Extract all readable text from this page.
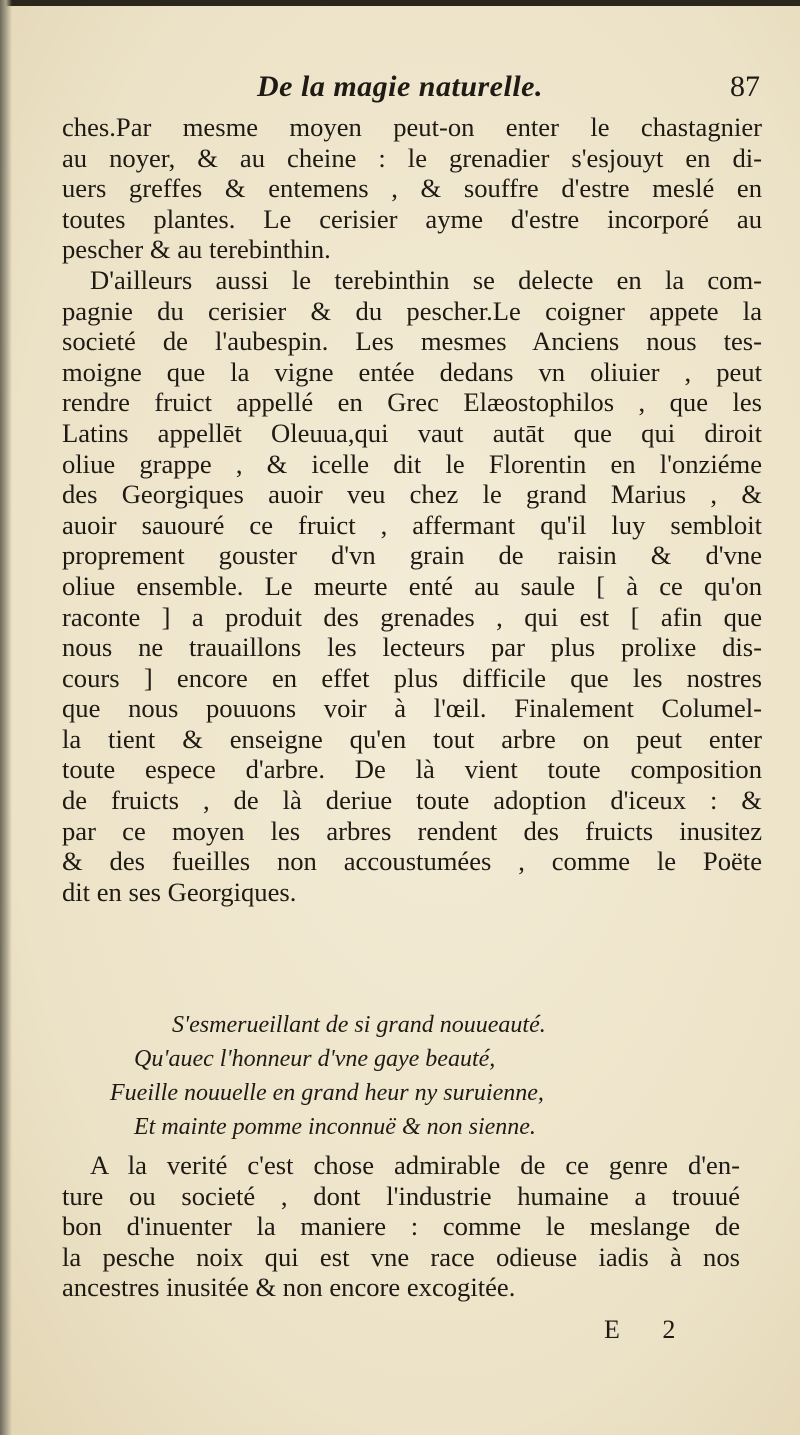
De la magie naturelle.	87
ches.Par mesme moyen peut-on enter le chastagnier
au noyer, & au cheine : le grenadier s'esjouyt en di-
uers greffes & entemens , & souffre d'estre meslé en
toutes plantes. Le cerisier ayme d'estre incorporé au
pescher & au terebinthin.
D'ailleurs aussi le terebinthin se delecte en la com-
pagnie du cerisier & du pescher.Le coigner appete la
societé de l'aubespin. Les mesmes Anciens nous tes-
moigne que la vigne entée dedans vn oliuier , peut
rendre fruict appellé en Grec Elæostophilos , que les
Latins appellēt Oleuua,qui vaut autāt que qui diroit
oliue grappe , & icelle dit le Florentin en l'onziéme
des Georgiques auoir veu chez le grand Marius , &
auoir sauouré ce fruict , affermant qu'il luy sembloit
proprement gouster d'vn grain de raisin & d'vne
oliue ensemble. Le meurte enté au saule [ à ce qu'on
raconte ] a produit des grenades , qui est [ afin que
nous ne trauaillons les lecteurs par plus prolixe dis-
cours ] encore en effet plus difficile que les nostres
que nous pouuons voir à l'œil. Finalement Columel-
la tient & enseigne qu'en tout arbre on peut enter
toute espece d'arbre. De là vient toute composition
de fruicts , de là deriue toute adoption d'iceux : &
par ce moyen les arbres rendent des fruicts inusitez
& des fueilles non accoustumées , comme le Poëte
dit en ses Georgiques.
S'esmerueillant de si grand nouueauté.
Qu'auec l'honneur d'vne gaye beauté,
Fueille nouuelle en grand heur ny suruienne,
Et mainte pomme inconnuë & non sienne.
A la verité c'est chose admirable de ce genre d'en-
ture ou societé , dont l'industrie humaine a trouué
bon d'inuenter la maniere : comme le meslange de
la pesche noix qui est vne race odieuse iadis à nos
ancestres inusitée & non encore excogitée.
E 2
